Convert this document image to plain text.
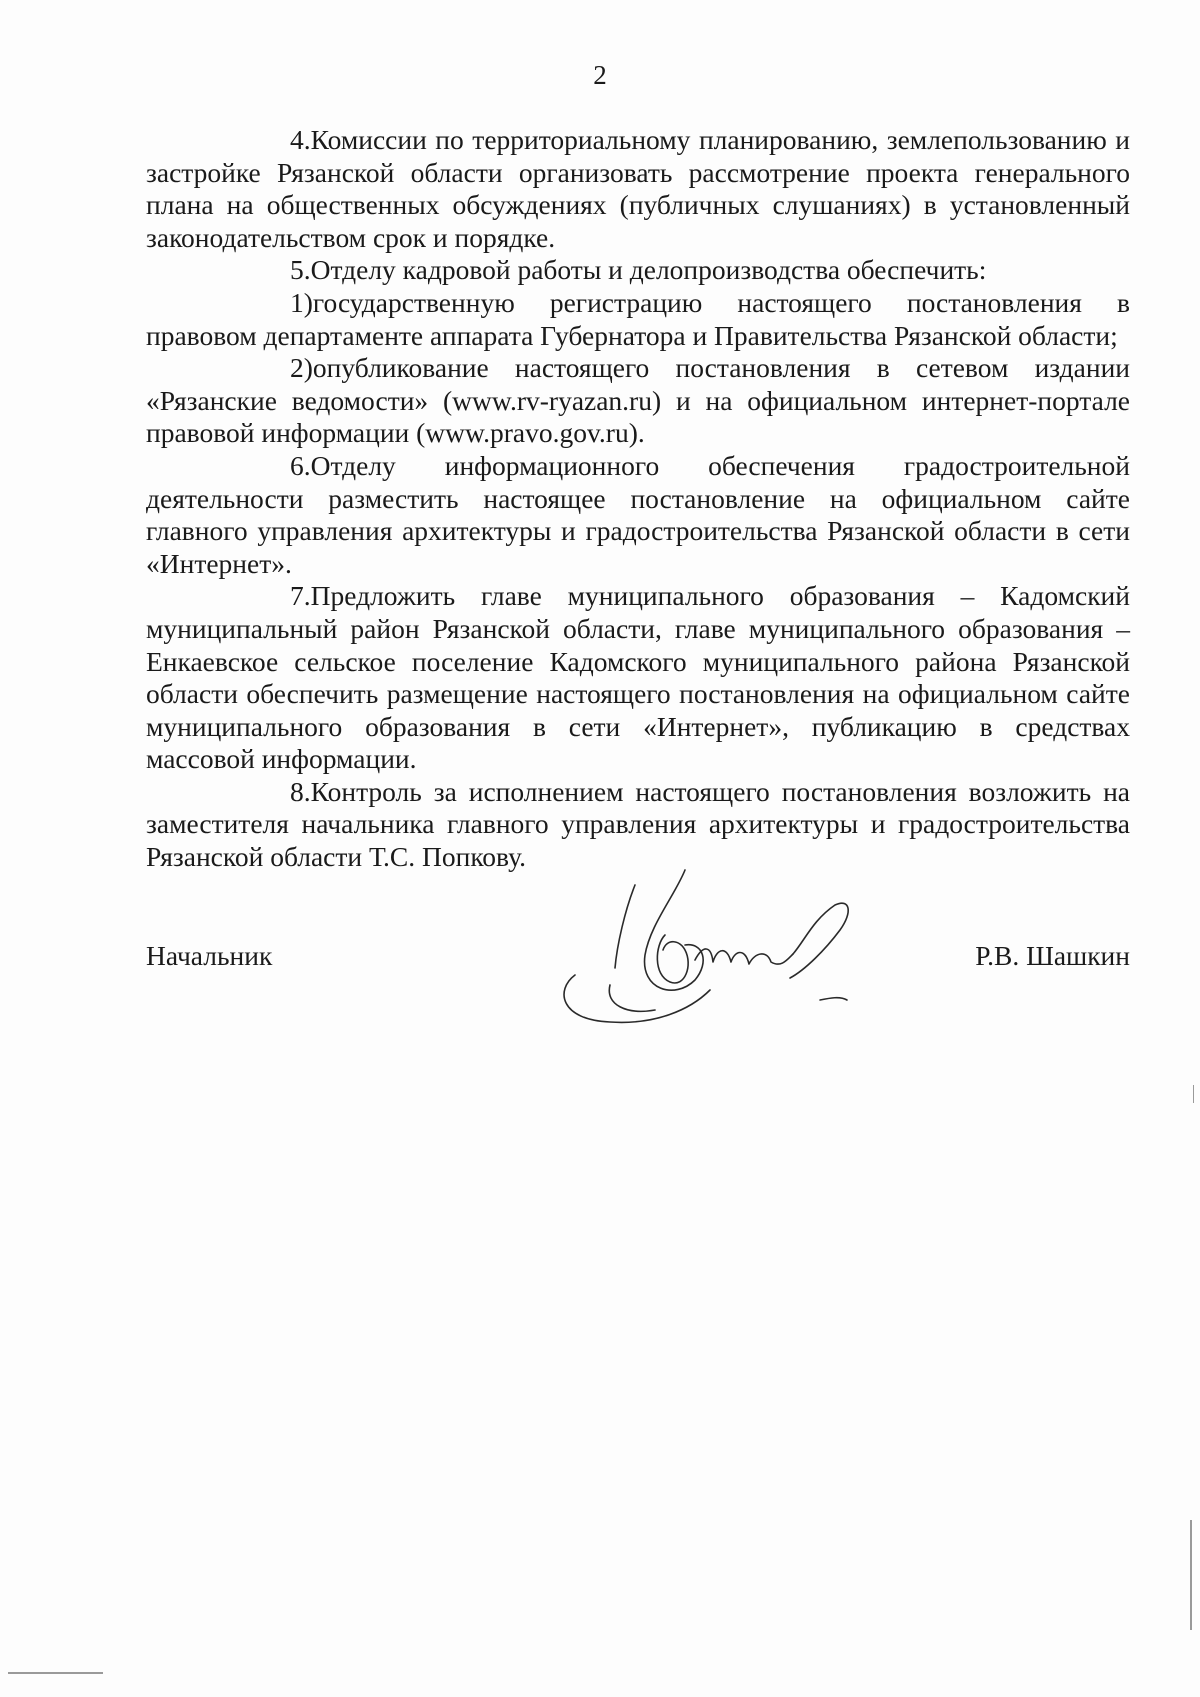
2

4.Комиссии по территориальному планированию, землепользованию и застройке Рязанской области организовать рассмотрение проекта генерального плана на общественных обсуждениях (публичных слушаниях) в установленный законодательством срок и порядке.

5.Отделу кадровой работы и делопроизводства обеспечить:

1)государственную регистрацию настоящего постановления в правовом департаменте аппарата Губернатора и Правительства Рязанской области;

2)опубликование настоящего постановления в сетевом издании «Рязанские ведомости» (www.rv-ryazan.ru) и на официальном интернет-портале правовой информации (www.pravo.gov.ru).

6.Отделу информационного обеспечения градостроительной деятельности разместить настоящее постановление на официальном сайте главного управления архитектуры и градостроительства Рязанской области в сети «Интернет».

7.Предложить главе муниципального образования – Кадомский муниципальный район Рязанской области, главе муниципального образования – Енкаевское сельское поселение Кадомского муниципального района Рязанской области обеспечить размещение настоящего постановления на официальном сайте муниципального образования в сети «Интернет», публикацию в средствах массовой информации.

8.Контроль за исполнением настоящего постановления возложить на заместителя начальника главного управления архитектуры и градостроительства Рязанской области Т.С. Попкову.

Начальник	Р.В. Шашкин
